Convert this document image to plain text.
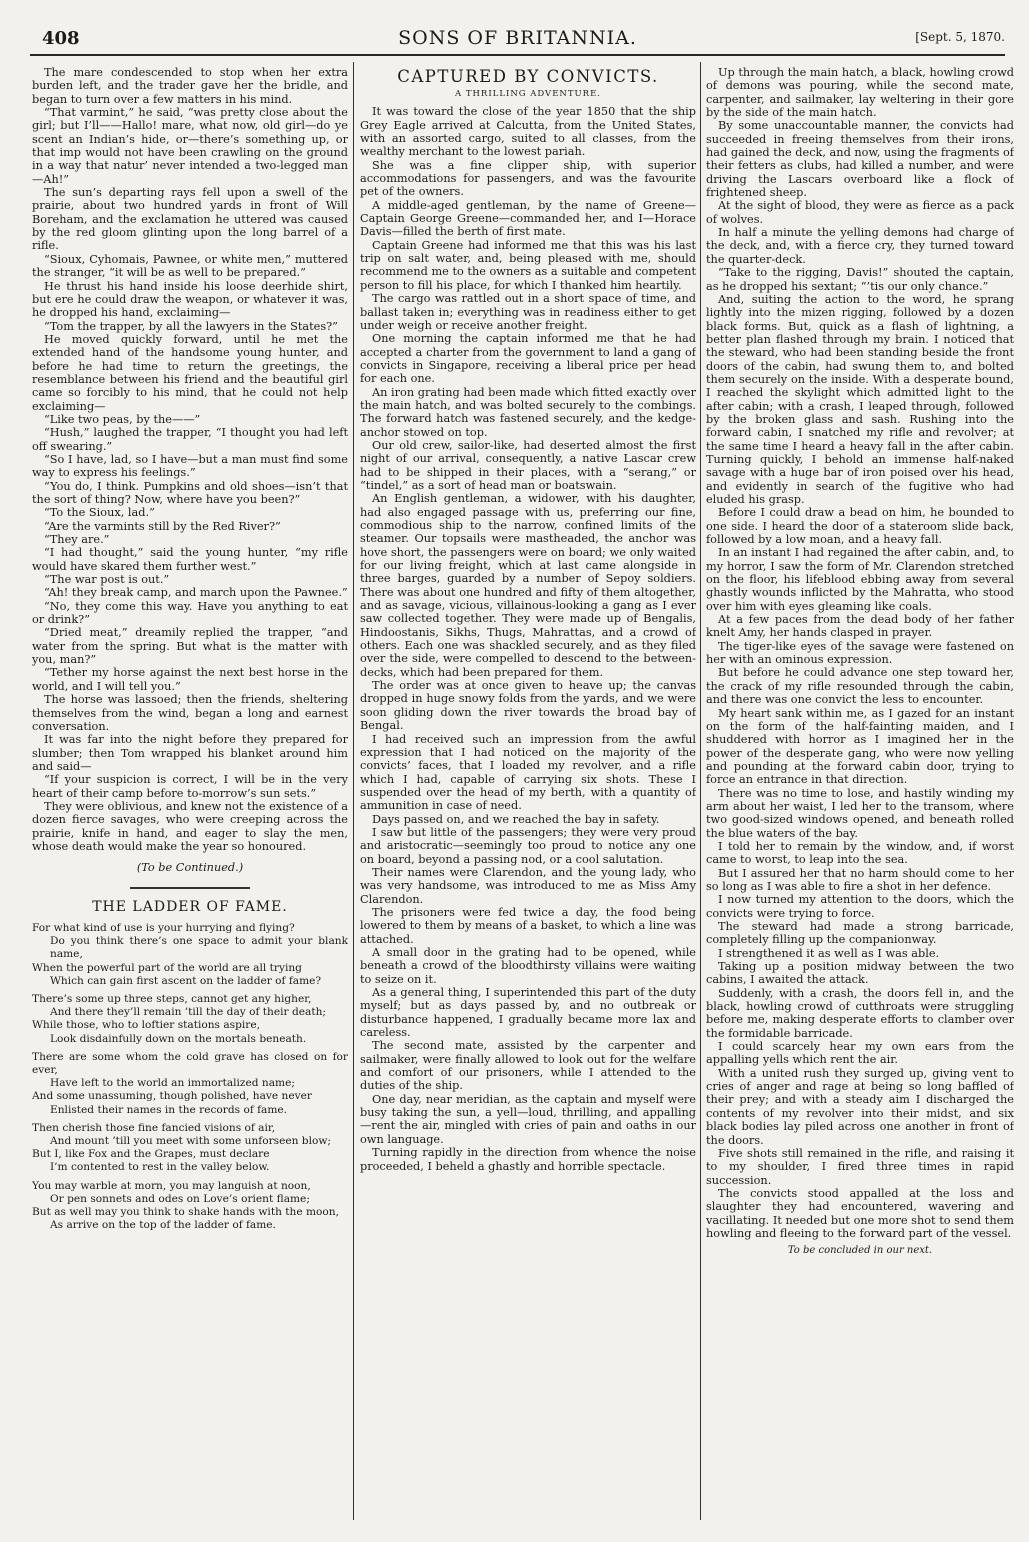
408	SONS OF BRITANNIA.	[Sept. 5, 1870.

The mare condescended to stop when her extra burden left, and the trader gave her the bridle, and began to turn over a few matters in his mind.

“That varmint,” he said, “was pretty close about the girl; but I’ll——Hallo! mare, what now, old girl—do ye scent an Indian’s hide, or—there’s something up, or that imp would not have been crawling on the ground in a way that natur’ never intended a two-legged man—Ah!”

The sun’s departing rays fell upon a swell of the prairie, about two hundred yards in front of Will Boreham, and the exclamation he uttered was caused by the red gloom glinting upon the long barrel of a rifle.

“Sioux, Cyhomais, Pawnee, or white men,” muttered the stranger, “it will be as well to be prepared.”

He thrust his hand inside his loose deerhide shirt, but ere he could draw the weapon, or whatever it was, he dropped his hand, exclaiming—

“Tom the trapper, by all the lawyers in the States?”

He moved quickly forward, until he met the extended hand of the handsome young hunter, and before he had time to return the greetings, the resemblance between his friend and the beautiful girl came so forcibly to his mind, that he could not help exclaiming—

“Like two peas, by the——”

“Hush,” laughed the trapper, “I thought you had left off swearing.”

“So I have, lad, so I have—but a man must find some way to express his feelings.”

“You do, I think. Pumpkins and old shoes—isn’t that the sort of thing? Now, where have you been?”

“To the Sioux, lad.”

“Are the varmints still by the Red River?”

“They are.”

“I had thought,” said the young hunter, “my rifle would have skared them further west.”

“The war post is out.”

“Ah! they break camp, and march upon the Pawnee.”

“No, they come this way. Have you anything to eat or drink?”

“Dried meat,” dreamily replied the trapper, “and water from the spring. But what is the matter with you, man?”

“Tether my horse against the next best horse in the world, and I will tell you.”

The horse was lassoed; then the friends, sheltering themselves from the wind, began a long and earnest conversation.

It was far into the night before they prepared for slumber; then Tom wrapped his blanket around him and said—

“If your suspicion is correct, I will be in the very heart of their camp before to-morrow’s sun sets.”

They were oblivious, and knew not the existence of a dozen fierce savages, who were creeping across the prairie, knife in hand, and eager to slay the men, whose death would make the year so honoured.

(To be Continued.)
THE LADDER OF FAME.

For what kind of use is your hurrying and flying?

Do you think there’s one space to admit your blank name,

When the powerful part of the world are all trying

Which can gain first ascent on the ladder of fame?

There’s some up three steps, cannot get any higher,

And there they’ll remain ’till the day of their death;

While those, who to loftier stations aspire,

Look disdainfully down on the mortals beneath.

There are some whom the cold grave has closed on for ever,

Have left to the world an immortalized name;

And some unassuming, though polished, have never

Enlisted their names in the records of fame.

Then cherish those fine fancied visions of air,

And mount ’till you meet with some unforseen blow;

But I, like Fox and the Grapes, must declare

I’m contented to rest in the valley below.

You may warble at morn, you may languish at noon,

Or pen sonnets and odes on Love’s orient flame;

But as well may you think to shake hands with the moon,

As arrive on the top of the ladder of fame.

CAPTURED BY CONVICTS.
A THRILLING ADVENTURE.

It was toward the close of the year 1850 that the ship Grey Eagle arrived at Calcutta, from the United States, with an assorted cargo, suited to all classes, from the wealthy merchant to the lowest pariah.

She was a fine clipper ship, with superior accommodations for passengers, and was the favourite pet of the owners.

A middle-aged gentleman, by the name of Greene—Captain George Greene—commanded her, and I—Horace Davis—filled the berth of first mate.

Captain Greene had informed me that this was his last trip on salt water, and, being pleased with me, should recommend me to the owners as a suitable and competent person to fill his place, for which I thanked him heartily.

The cargo was rattled out in a short space of time, and ballast taken in; everything was in readiness either to get under weigh or receive another freight.

One morning the captain informed me that he had accepted a charter from the government to land a gang of convicts in Singapore, receiving a liberal price per head for each one.

An iron grating had been made which fitted exactly over the main hatch, and was bolted securely to the combings. The forward hatch was fastened securely, and the kedge-anchor stowed on top.

Our old crew, sailor-like, had deserted almost the first night of our arrival, consequently, a native Lascar crew had to be shipped in their places, with a “serang,” or “tindel,” as a sort of head man or boatswain.

An English gentleman, a widower, with his daughter, had also engaged passage with us, preferring our fine, commodious ship to the narrow, confined limits of the steamer. Our topsails were mastheaded, the anchor was hove short, the passengers were on board; we only waited for our living freight, which at last came alongside in three barges, guarded by a number of Sepoy soldiers. There was about one hundred and fifty of them altogether, and as savage, vicious, villainous-looking a gang as I ever saw collected together. They were made up of Bengalis, Hindoostanis, Sikhs, Thugs, Mahrattas, and a crowd of others. Each one was shackled securely, and as they filed over the side, were compelled to descend to the between-decks, which had been prepared for them.

The order was at once given to heave up; the canvas dropped in huge snowy folds from the yards, and we were soon gliding down the river towards the broad bay of Bengal.

I had received such an impression from the awful expression that I had noticed on the majority of the convicts’ faces, that I loaded my revolver, and a rifle which I had, capable of carrying six shots. These I suspended over the head of my berth, with a quantity of ammunition in case of need.

Days passed on, and we reached the bay in safety.

I saw but little of the passengers; they were very proud and aristocratic—seemingly too proud to notice any one on board, beyond a passing nod, or a cool salutation.

Their names were Clarendon, and the young lady, who was very handsome, was introduced to me as Miss Amy Clarendon.

The prisoners were fed twice a day, the food being lowered to them by means of a basket, to which a line was attached.

A small door in the grating had to be opened, while beneath a crowd of the bloodthirsty villains were waiting to seize on it.

As a general thing, I superintended this part of the duty myself; but as days passed by, and no outbreak or disturbance happened, I gradually became more lax and careless.

The second mate, assisted by the carpenter and sailmaker, were finally allowed to look out for the welfare and comfort of our prisoners, while I attended to the duties of the ship.

One day, near meridian, as the captain and myself were busy taking the sun, a yell—loud, thrilling, and appalling—rent the air, mingled with cries of pain and oaths in our own language.

Turning rapidly in the direction from whence the noise proceeded, I beheld a ghastly and horrible spectacle.

Up through the main hatch, a black, howling crowd of demons was pouring, while the second mate, carpenter, and sailmaker, lay weltering in their gore by the side of the main hatch.

By some unaccountable manner, the convicts had succeeded in freeing themselves from their irons, had gained the deck, and now, using the fragments of their fetters as clubs, had killed a number, and were driving the Lascars overboard like a flock of frightened sheep.

At the sight of blood, they were as fierce as a pack of wolves.

In half a minute the yelling demons had charge of the deck, and, with a fierce cry, they turned toward the quarter-deck.

“Take to the rigging, Davis!” shouted the captain, as he dropped his sextant; “’tis our only chance.”

And, suiting the action to the word, he sprang lightly into the mizen rigging, followed by a dozen black forms. But, quick as a flash of lightning, a better plan flashed through my brain. I noticed that the steward, who had been standing beside the front doors of the cabin, had swung them to, and bolted them securely on the inside. With a desperate bound, I reached the skylight which admitted light to the after cabin; with a crash, I leaped through, followed by the broken glass and sash. Rushing into the forward cabin, I snatched my rifle and revolver; at the same time I heard a heavy fall in the after cabin. Turning quickly, I behold an immense half-naked savage with a huge bar of iron poised over his head, and evidently in search of the fugitive who had eluded his grasp.

Before I could draw a bead on him, he bounded to one side. I heard the door of a stateroom slide back, followed by a low moan, and a heavy fall.

In an instant I had regained the after cabin, and, to my horror, I saw the form of Mr. Clarendon stretched on the floor, his lifeblood ebbing away from several ghastly wounds inflicted by the Mahratta, who stood over him with eyes gleaming like coals.

At a few paces from the dead body of her father knelt Amy, her hands clasped in prayer.

The tiger-like eyes of the savage were fastened on her with an ominous expression.

But before he could advance one step toward her, the crack of my rifle resounded through the cabin, and there was one convict the less to encounter.

My heart sank within me, as I gazed for an instant on the form of the half-fainting maiden, and I shuddered with horror as I imagined her in the power of the desperate gang, who were now yelling and pounding at the forward cabin door, trying to force an entrance in that direction.

There was no time to lose, and hastily winding my arm about her waist, I led her to the transom, where two good-sized windows opened, and beneath rolled the blue waters of the bay.

I told her to remain by the window, and, if worst came to worst, to leap into the sea.

But I assured her that no harm should come to her so long as I was able to fire a shot in her defence.

I now turned my attention to the doors, which the convicts were trying to force.

The steward had made a strong barricade, completely filling up the companionway.

I strengthened it as well as I was able.

Taking up a position midway between the two cabins, I awaited the attack.

Suddenly, with a crash, the doors fell in, and the black, howling crowd of cutthroats were struggling before me, making desperate efforts to clamber over the formidable barricade.

I could scarcely hear my own ears from the appalling yells which rent the air.

With a united rush they surged up, giving vent to cries of anger and rage at being so long baffled of their prey; and with a steady aim I discharged the contents of my revolver into their midst, and six black bodies lay piled across one another in front of the doors.

Five shots still remained in the rifle, and raising it to my shoulder, I fired three times in rapid succession.

The convicts stood appalled at the loss and slaughter they had encountered, wavering and vacillating. It needed but one more shot to send them howling and fleeing to the forward part of the vessel.

To be concluded in our next.
